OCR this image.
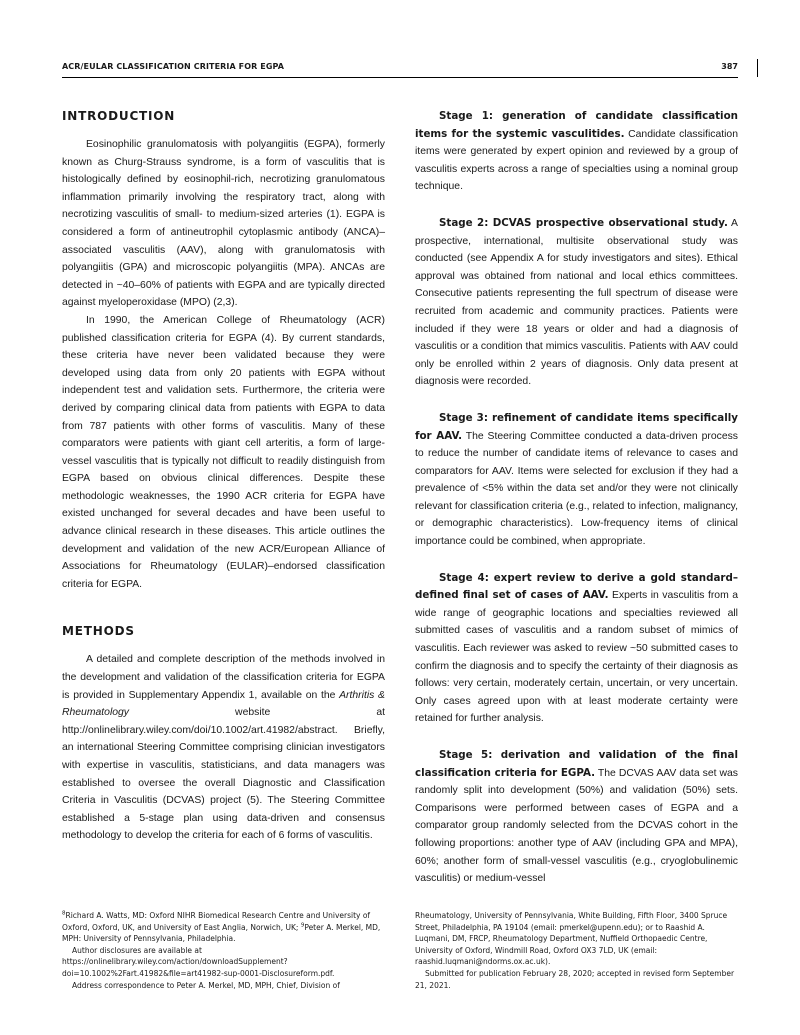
ACR/EULAR CLASSIFICATION CRITERIA FOR EGPA	387
INTRODUCTION

Eosinophilic granulomatosis with polyangiitis (EGPA), formerly known as Churg-Strauss syndrome, is a form of vasculitis that is histologically defined by eosinophil-rich, necrotizing granulomatous inflammation primarily involving the respiratory tract, along with necrotizing vasculitis of small- to medium-sized arteries (1). EGPA is considered a form of antineutrophil cytoplasmic antibody (ANCA)–associated vasculitis (AAV), along with granulomatosis with polyangiitis (GPA) and microscopic polyangiitis (MPA). ANCAs are detected in ~40–60% of patients with EGPA and are typically directed against myeloperoxidase (MPO) (2,3).

In 1990, the American College of Rheumatology (ACR) published classification criteria for EGPA (4). By current standards, these criteria have never been validated because they were developed using data from only 20 patients with EGPA without independent test and validation sets. Furthermore, the criteria were derived by comparing clinical data from patients with EGPA to data from 787 patients with other forms of vasculitis. Many of these comparators were patients with giant cell arteritis, a form of large-vessel vasculitis that is typically not difficult to readily distinguish from EGPA based on obvious clinical differences. Despite these methodologic weaknesses, the 1990 ACR criteria for EGPA have existed unchanged for several decades and have been useful to advance clinical research in these diseases. This article outlines the development and validation of the new ACR/European Alliance of Associations for Rheumatology (EULAR)–endorsed classification criteria for EGPA.

METHODS

A detailed and complete description of the methods involved in the development and validation of the classification criteria for EGPA is provided in Supplementary Appendix 1, available on the Arthritis & Rheumatology website at http://onlinelibrary.wiley.com/doi/10.1002/art.41982/abstract. Briefly, an international Steering Committee comprising clinician investigators with expertise in vasculitis, statisticians, and data managers was established to oversee the overall Diagnostic and Classification Criteria in Vasculitis (DCVAS) project (5). The Steering Committee established a 5-stage plan using data-driven and consensus methodology to develop the criteria for each of 6 forms of vasculitis.

Stage 1: generation of candidate classification items for the systemic vasculitides. Candidate classification items were generated by expert opinion and reviewed by a group of vasculitis experts across a range of specialties using a nominal group technique.

Stage 2: DCVAS prospective observational study. A prospective, international, multisite observational study was conducted (see Appendix A for study investigators and sites). Ethical approval was obtained from national and local ethics committees. Consecutive patients representing the full spectrum of disease were recruited from academic and community practices. Patients were included if they were 18 years or older and had a diagnosis of vasculitis or a condition that mimics vasculitis. Patients with AAV could only be enrolled within 2 years of diagnosis. Only data present at diagnosis were recorded.

Stage 3: refinement of candidate items specifically for AAV. The Steering Committee conducted a data-driven process to reduce the number of candidate items of relevance to cases and comparators for AAV. Items were selected for exclusion if they had a prevalence of <5% within the data set and/or they were not clinically relevant for classification criteria (e.g., related to infection, malignancy, or demographic characteristics). Low-frequency items of clinical importance could be combined, when appropriate.

Stage 4: expert review to derive a gold standard–defined final set of cases of AAV. Experts in vasculitis from a wide range of geographic locations and specialties reviewed all submitted cases of vasculitis and a random subset of mimics of vasculitis. Each reviewer was asked to review ~50 submitted cases to confirm the diagnosis and to specify the certainty of their diagnosis as follows: very certain, moderately certain, uncertain, or very uncertain. Only cases agreed upon with at least moderate certainty were retained for further analysis.

Stage 5: derivation and validation of the final classification criteria for EGPA. The DCVAS AAV data set was randomly split into development (50%) and validation (50%) sets. Comparisons were performed between cases of EGPA and a comparator group randomly selected from the DCVAS cohort in the following proportions: another type of AAV (including GPA and MPA), 60%; another form of small-vessel vasculitis (e.g., cryoglobulinemic vasculitis) or medium-vessel

$^8$Richard A. Watts, MD: Oxford NIHR Biomedical Research Centre and University of Oxford, Oxford, UK, and University of East Anglia, Norwich, UK; $^9$Peter A. Merkel, MD, MPH: University of Pennsylvania, Philadelphia.

Author disclosures are available at https://onlinelibrary.wiley.com/action/downloadSupplement?doi=10.1002%2Fart.41982&file=art41982-sup-0001-Disclosureform.pdf.

Address correspondence to Peter A. Merkel, MD, MPH, Chief, Division of

Rheumatology, University of Pennsylvania, White Building, Fifth Floor, 3400 Spruce Street, Philadelphia, PA 19104 (email: pmerkel@upenn.edu); or to Raashid A. Luqmani, DM, FRCP, Rheumatology Department, Nuffield Orthopaedic Centre, University of Oxford, Windmill Road, Oxford OX3 7LD, UK (email: raashid.luqmani@ndorms.ox.ac.uk).

Submitted for publication February 28, 2020; accepted in revised form September 21, 2021.
